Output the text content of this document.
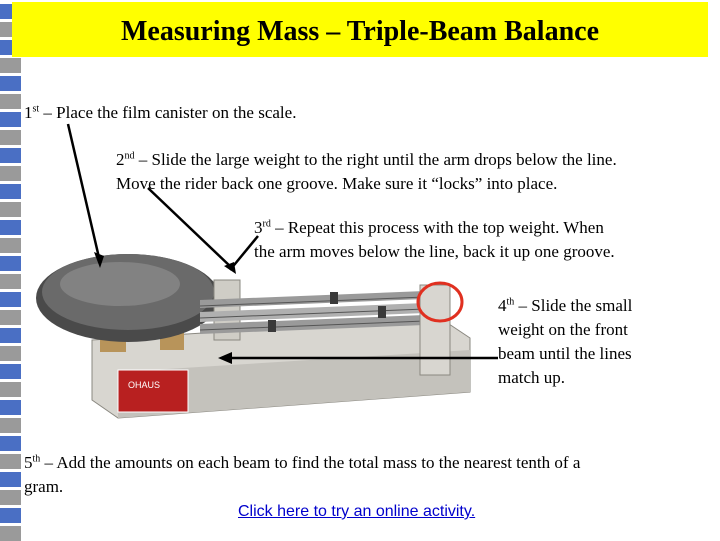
Measuring Mass – Triple-Beam Balance
OHAUS
1st – Place the film canister on the scale.
2nd – Slide the large weight to the right until the arm drops below the line.
Move the rider back one groove. Make sure it “locks” into place.
3rd – Repeat this process with the top weight. When
the arm moves below the line, back it up one groove.
4th – Slide the small
weight on the front
beam until the lines
match up.
5th – Add the amounts on each beam to find the total mass to the nearest tenth of a
gram.
Click here to try an online activity.
